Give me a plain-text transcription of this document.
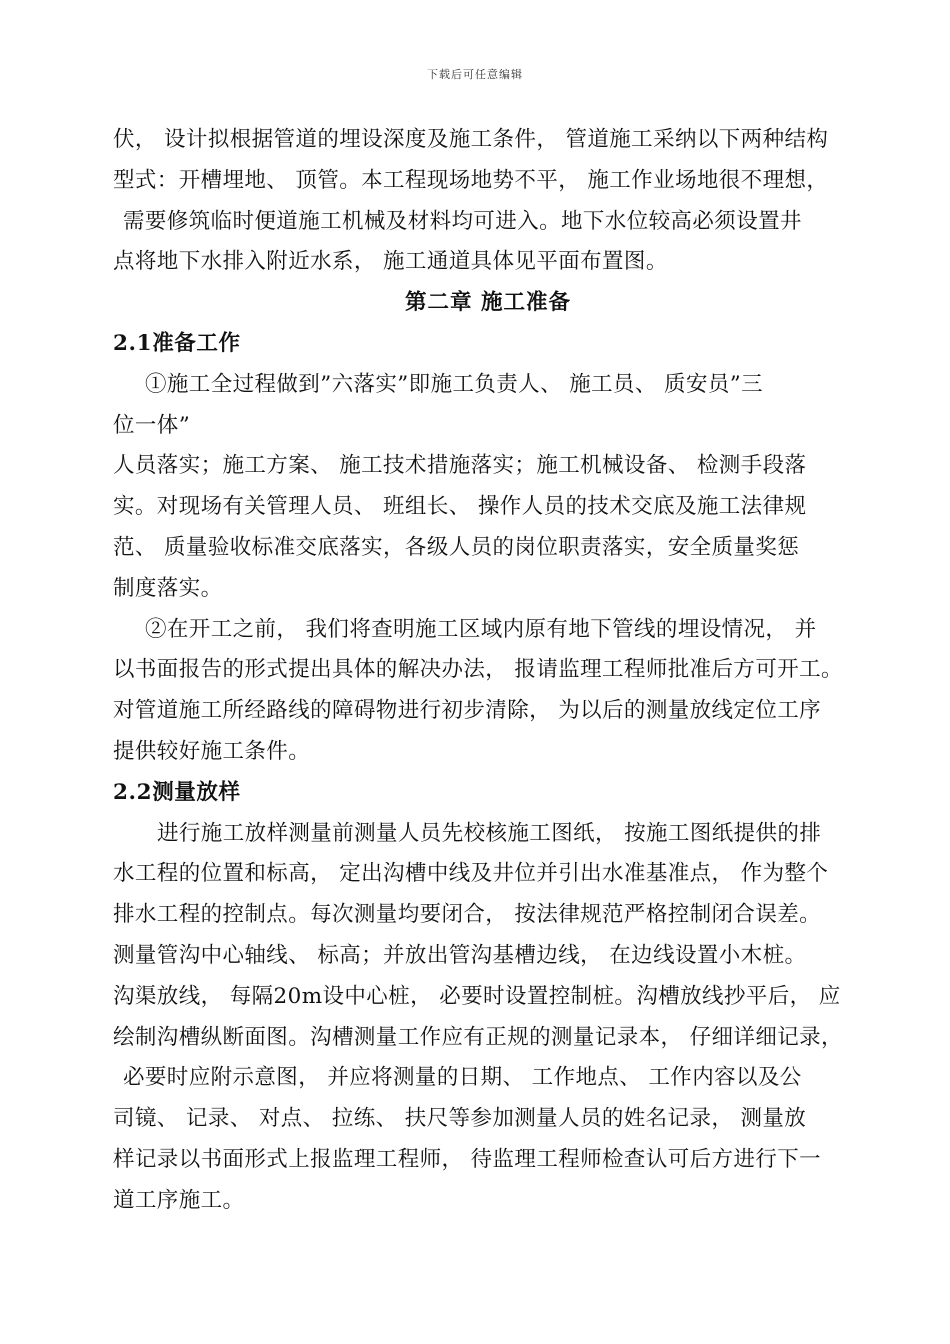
下载后可任意编辑
伏， 设计拟根据管道的埋设深度及施工条件， 管道施工采纳以下两种结构
型式：开槽埋地、 顶管。本工程现场地势不平， 施工作业场地很不理想，
需要修筑临时便道施工机械及材料均可进入。地下水位较高必须设置井
点将地下水排入附近水系， 施工通道具体见平面布置图。
第二章 施工准备
2.1准备工作
①施工全过程做到”六落实”即施工负责人、 施工员、 质安员”三
位一体”
人员落实；施工方案、 施工技术措施落实；施工机械设备、 检测手段落
实。对现场有关管理人员、 班组长、 操作人员的技术交底及施工法律规
范、 质量验收标准交底落实，各级人员的岗位职责落实，安全质量奖惩
制度落实。
②在开工之前， 我们将查明施工区域内原有地下管线的埋设情况， 并
以书面报告的形式提出具体的解决办法， 报请监理工程师批准后方可开工。
对管道施工所经路线的障碍物进行初步清除， 为以后的测量放线定位工序
提供较好施工条件。
2.2测量放样
进行施工放样测量前测量人员先校核施工图纸， 按施工图纸提供的排
水工程的位置和标高， 定出沟槽中线及井位并引出水准基准点， 作为整个
排水工程的控制点。每次测量均要闭合， 按法律规范严格控制闭合误差。
测量管沟中心轴线、 标高；并放出管沟基槽边线， 在边线设置小木桩。
沟渠放线， 每隔20m设中心桩， 必要时设置控制桩。沟槽放线抄平后， 应
绘制沟槽纵断面图。沟槽测量工作应有正规的测量记录本， 仔细详细记录，
必要时应附示意图， 并应将测量的日期、 工作地点、 工作内容以及公
司镜、 记录、 对点、 拉练、 扶尺等参加测量人员的姓名记录， 测量放
样记录以书面形式上报监理工程师， 待监理工程师检查认可后方进行下一
道工序施工。
